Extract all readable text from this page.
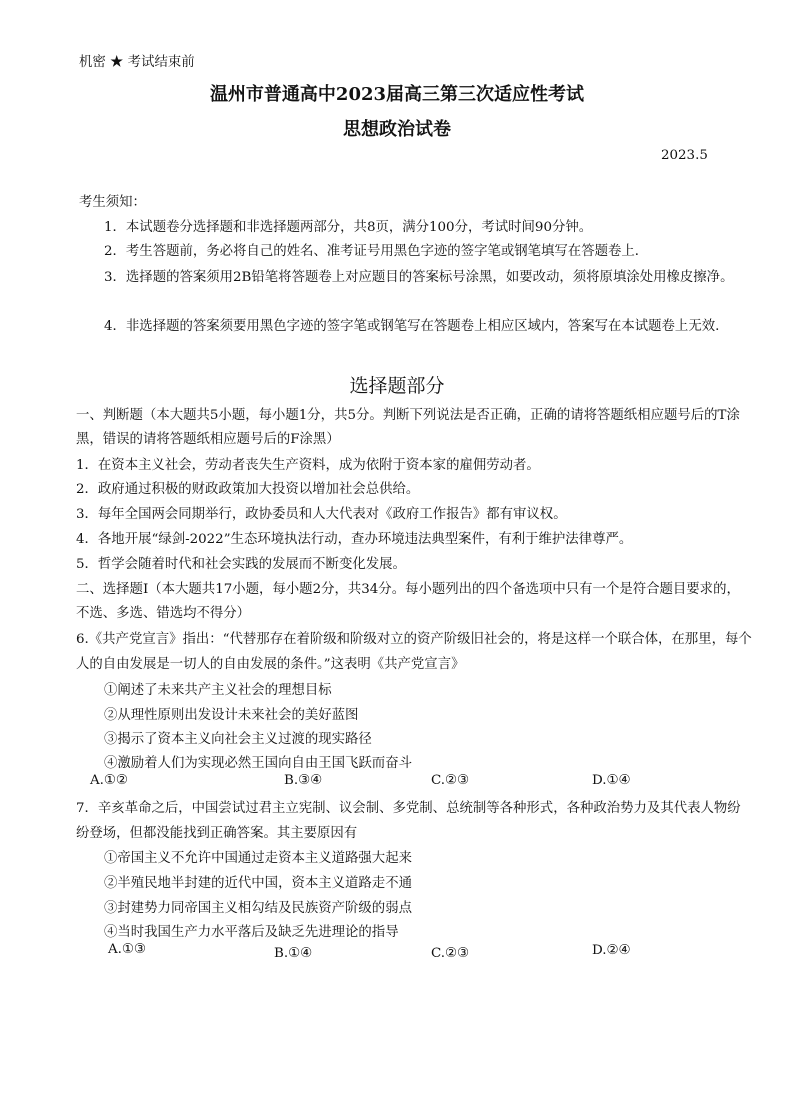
机密 ★ 考试结束前
温州市普通高中2023届高三第三次适应性考试
思想政治试卷
2023.5
考生须知：
1．本试题卷分选择题和非选择题两部分，共8页，满分100分，考试时间90分钟。
2．考生答题前，务必将自己的姓名、准考证号用黑色字迹的签字笔或钢笔填写在答题卷上．
3．选择题的答案须用2B铅笔将答题卷上对应题目的答案标号涂黑，如要改动，须将原填涂处用橡皮擦净。
4．非选择题的答案须要用黑色字迹的签字笔或钢笔写在答题卷上相应区域内，答案写在本试题卷上无效.
选择题部分
一、判断题（本大题共5小题，每小题1分，共5分。判断下列说法是否正确，正确的请将答题纸相应题号后的T涂黑，错误的请将答题纸相应题号后的F涂黑）
1．在资本主义社会，劳动者丧失生产资料，成为依附于资本家的雇佣劳动者。
2．政府通过积极的财政政策加大投资以增加社会总供给。
3．每年全国两会同期举行，政协委员和人大代表对《政府工作报告》都有审议权。
4．各地开展“绿剑-2022”生态环境执法行动，查办环境违法典型案件，有利于维护法律尊严。
5．哲学会随着时代和社会实践的发展而不断变化发展。
二、选择题Ⅰ（本大题共17小题，每小题2分，共34分。每小题列出的四个备选项中只有一个是符合题目要求的，不选、多选、错选均不得分）
6.《共产党宣言》指出：“代替那存在着阶级和阶级对立的资产阶级旧社会的，将是这样一个联合体，在那里，每个人的自由发展是一切人的自由发展的条件。”这表明《共产党宣言》
①阐述了未来共产主义社会的理想目标
②从理性原则出发设计未来社会的美好蓝图
③揭示了资本主义向社会主义过渡的现实路径
④激励着人们为实现必然王国向自由王国飞跃而奋斗
A.①②	B.③④	C.②③	D.①④
7．辛亥革命之后，中国尝试过君主立宪制、议会制、多党制、总统制等各种形式，各种政治势力及其代表人物纷纷登场，但都没能找到正确答案。其主要原因有
①帝国主义不允许中国通过走资本主义道路强大起来
②半殖民地半封建的近代中国，资本主义道路走不通
③封建势力同帝国主义相勾结及民族资产阶级的弱点
④当时我国生产力水平落后及缺乏先进理论的指导
A.①③	B.①④	C.②③	D.②④
